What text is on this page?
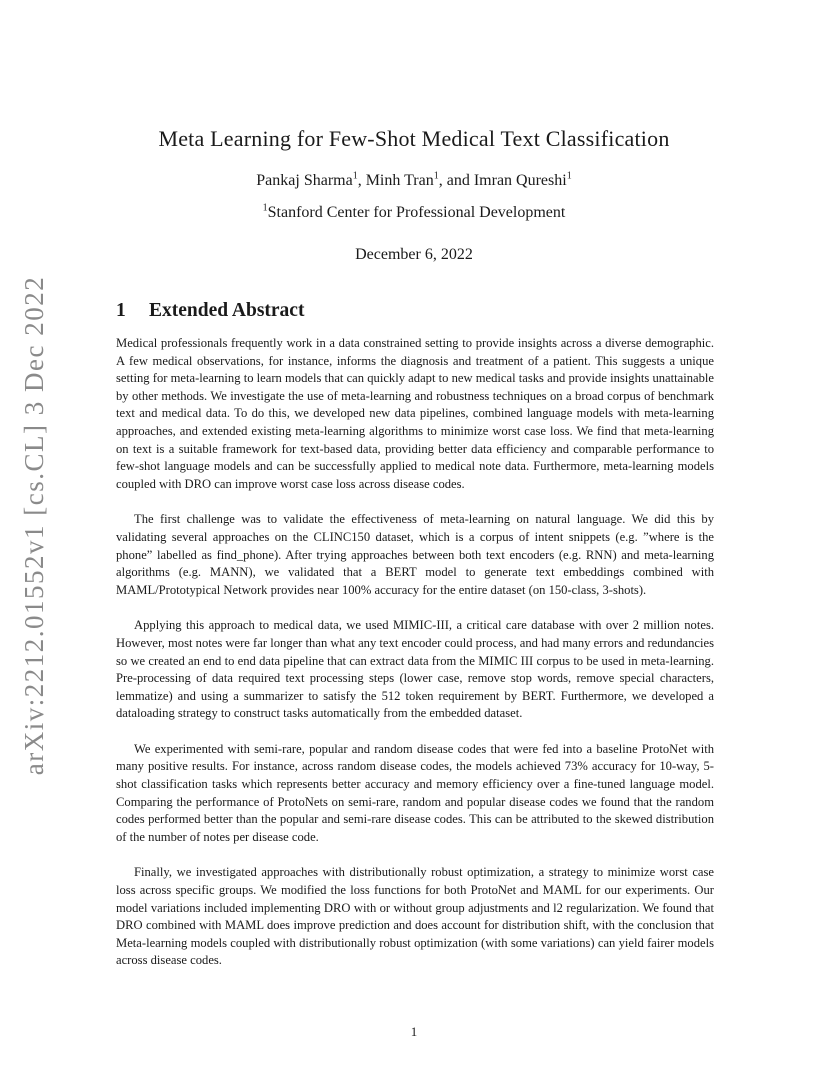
arXiv:2212.01552v1 [cs.CL] 3 Dec 2022
Meta Learning for Few-Shot Medical Text Classification
Pankaj Sharma$^1$, Minh Tran$^1$, and Imran Qureshi$^1$
$^1$Stanford Center for Professional Development
December 6, 2022
1 Extended Abstract

Medical professionals frequently work in a data constrained setting to provide insights across a diverse demographic. A few medical observations, for instance, informs the diagnosis and treatment of a patient. This suggests a unique setting for meta-learning to learn models that can quickly adapt to new medical tasks and provide insights unattainable by other methods. We investigate the use of meta-learning and robustness techniques on a broad corpus of benchmark text and medical data. To do this, we developed new data pipelines, combined language models with meta-learning approaches, and extended existing meta-learning algorithms to minimize worst case loss. We find that meta-learning on text is a suitable framework for text-based data, providing better data efficiency and comparable performance to few-shot language models and can be successfully applied to medical note data. Furthermore, meta-learning models coupled with DRO can improve worst case loss across disease codes.

The first challenge was to validate the effectiveness of meta-learning on natural language. We did this by validating several approaches on the CLINC150 dataset, which is a corpus of intent snippets (e.g. ”where is the phone” labelled as find_phone). After trying approaches between both text encoders (e.g. RNN) and meta-learning algorithms (e.g. MANN), we validated that a BERT model to generate text embeddings combined with MAML/Prototypical Network provides near 100% accuracy for the entire dataset (on 150-class, 3-shots).

Applying this approach to medical data, we used MIMIC-III, a critical care database with over 2 million notes. However, most notes were far longer than what any text encoder could process, and had many errors and redundancies so we created an end to end data pipeline that can extract data from the MIMIC III corpus to be used in meta-learning. Pre-processing of data required text processing steps (lower case, remove stop words, remove special characters, lemmatize) and using a summarizer to satisfy the 512 token requirement by BERT. Furthermore, we developed a dataloading strategy to construct tasks automatically from the embedded dataset.

We experimented with semi-rare, popular and random disease codes that were fed into a baseline ProtoNet with many positive results. For instance, across random disease codes, the models achieved 73% accuracy for 10-way, 5-shot classification tasks which represents better accuracy and memory efficiency over a fine-tuned language model. Comparing the performance of ProtoNets on semi-rare, random and popular disease codes we found that the random codes performed better than the popular and semi-rare disease codes. This can be attributed to the skewed distribution of the number of notes per disease code.

Finally, we investigated approaches with distributionally robust optimization, a strategy to minimize worst case loss across specific groups. We modified the loss functions for both ProtoNet and MAML for our experiments. Our model variations included implementing DRO with or without group adjustments and l2 regularization. We found that DRO combined with MAML does improve prediction and does account for distribution shift, with the conclusion that Meta-learning models coupled with distributionally robust optimization (with some variations) can yield fairer models across disease codes.

1
